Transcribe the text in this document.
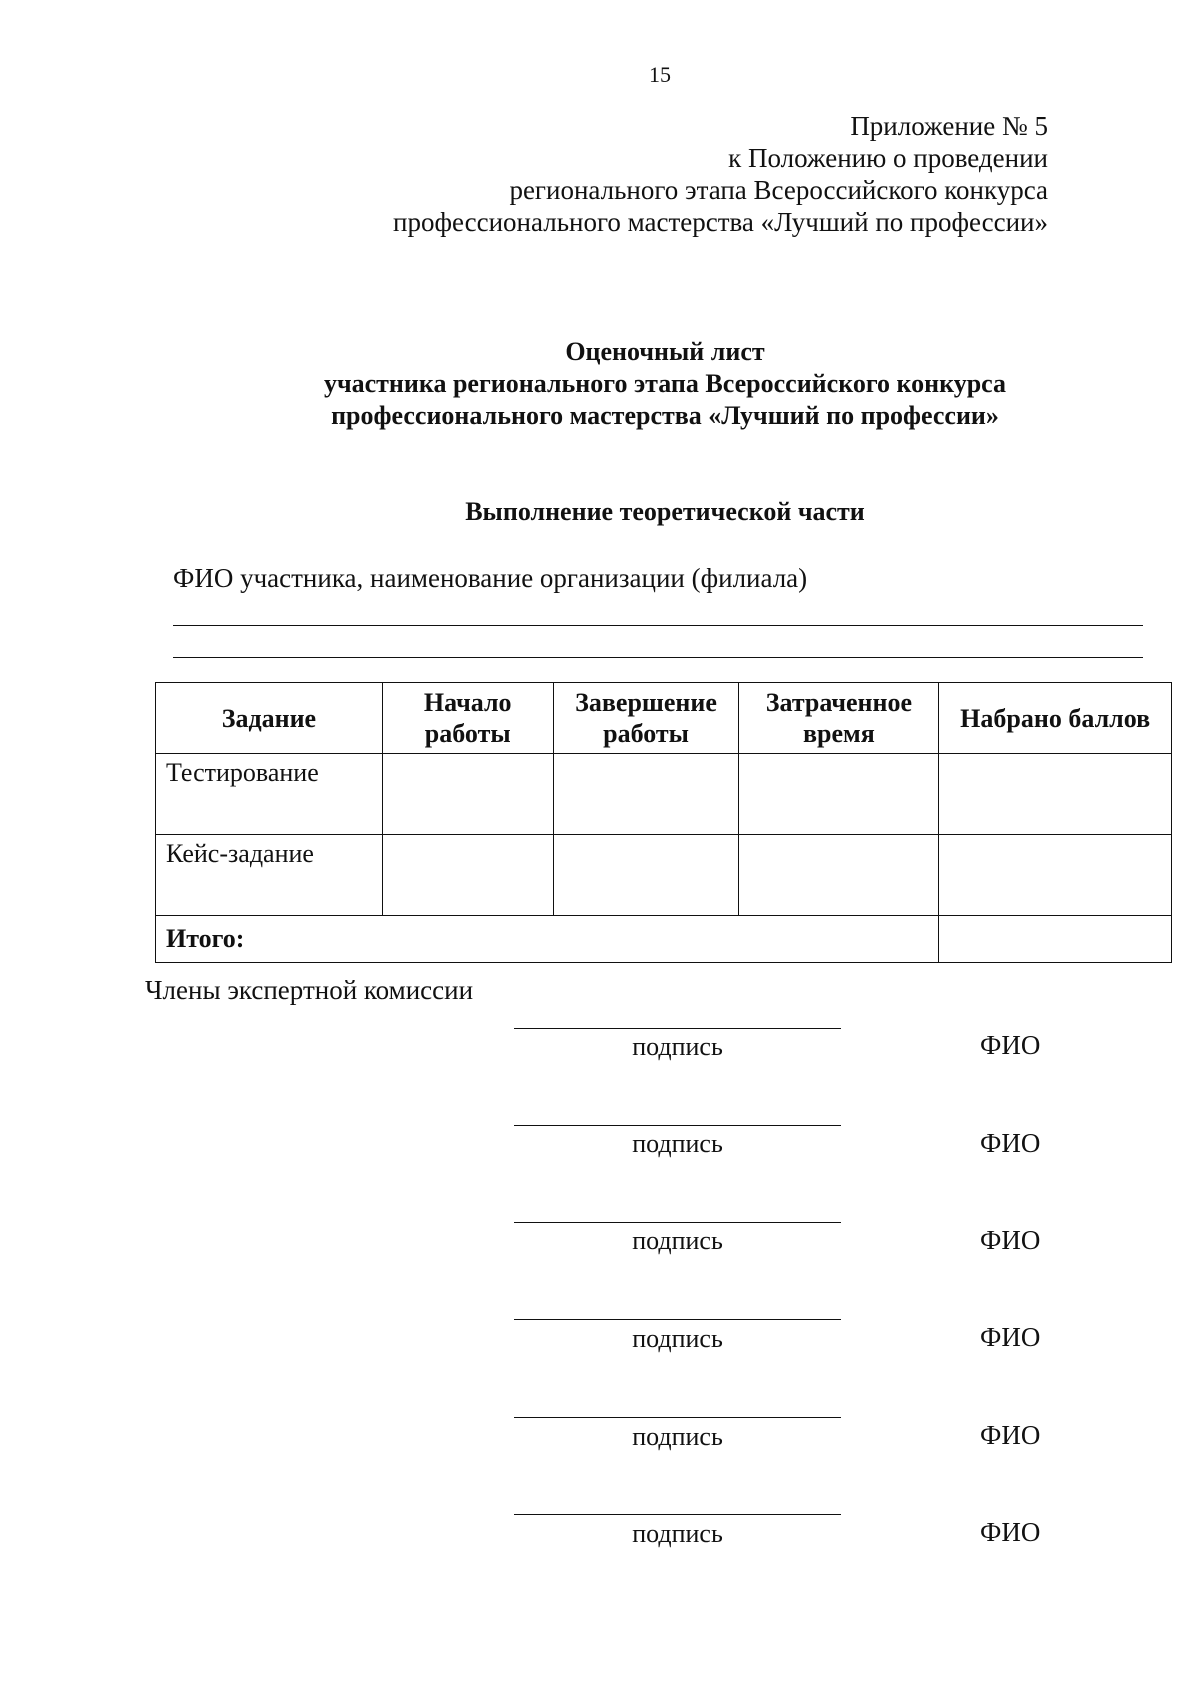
15
Приложение № 5
к Положению о проведении
регионального этапа Всероссийского конкурса
профессионального мастерства «Лучший по профессии»
Оценочный лист
участника регионального этапа Всероссийского конкурса
профессионального мастерства «Лучший по профессии»
Выполнение теоретической части
ФИО участника, наименование организации (филиала)
Задание	Начало работы	Завершение работы	Затраченное время	Набрано баллов
Тестирование				
Кейс-задание				
Итого:				
Члены экспертной комиссии
подпись	ФИО
подпись	ФИО
подпись	ФИО
подпись	ФИО
подпись	ФИО
подпись	ФИО
